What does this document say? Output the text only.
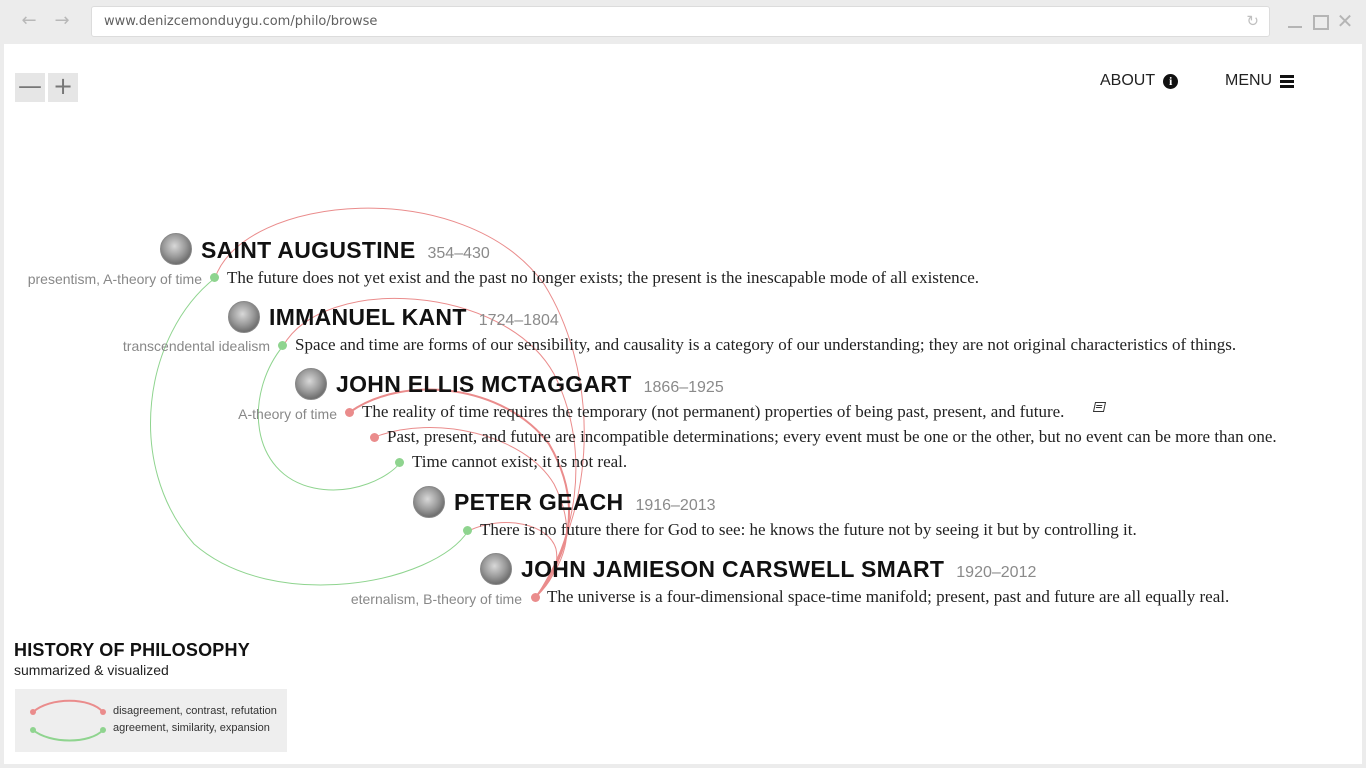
← →	www.denizcemonduygu.com/philo/browse	↻	✕
— +	ABOUT	i	MENU
SAINT AUGUSTINE 354–430
presentism, A-theory of time The future does not yet exist and the past no longer exists; the present is the inescapable mode of all existence.
IMMANUEL KANT 1724–1804
transcendental idealism Space and time are forms of our sensibility, and causality is a category of our understanding; they are not original characteristics of things.
JOHN ELLIS MCTAGGART 1866–1925
A-theory of time The reality of time requires the temporary (not permanent) properties of being past, present, and future.
Past, present, and future are incompatible determinations; every event must be one or the other, but no event can be more than one.
Time cannot exist; it is not real.
PETER GEACH 1916–2013
There is no future there for God to see: he knows the future not by seeing it but by controlling it.
JOHN JAMIESON CARSWELL SMART 1920–2012
eternalism, B-theory of time The universe is a four-dimensional space-time manifold; present, past and future are all equally real.
HISTORY OF PHILOSOPHY
summarized & visualized
disagreement, contrast, refutation
agreement, similarity, expansion
